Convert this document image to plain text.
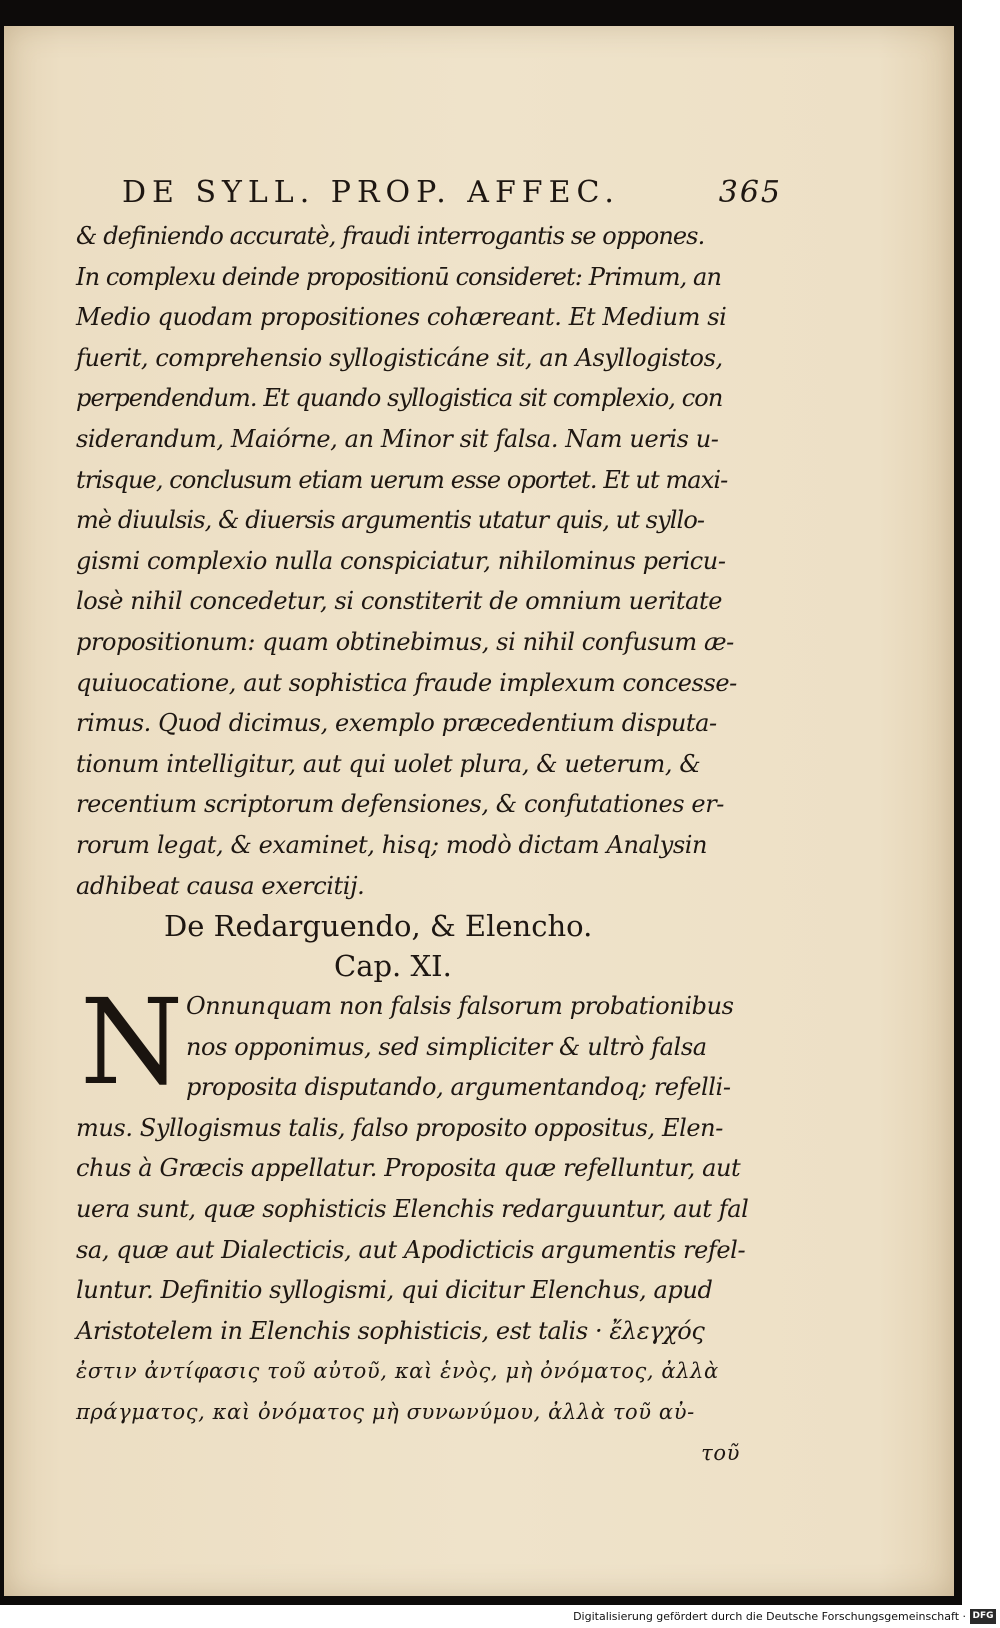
DE SYLL. PROP. AFFEC.	365
& definiendo accuratè, fraudi interrogantis se oppones.
In complexu deinde propositionū consideret: Primum, an
Medio quodam propositiones cohæreant. Et Medium si
fuerit, comprehensio syllogisticáne sit, an Asyllogistos,
perpendendum. Et quando syllogistica sit complexio, con
siderandum, Maiórne, an Minor sit falsa. Nam ueris u-
trisque, conclusum etiam uerum esse oportet. Et ut maxi-
mè diuulsis, & diuersis argumentis utatur quis, ut syllo-
gismi complexio nulla conspiciatur, nihilominus pericu-
losè nihil concedetur, si constiterit de omnium ueritate
propositionum: quam obtinebimus, si nihil confusum æ-
quiuocatione, aut sophistica fraude implexum concesse-
rimus. Quod dicimus, exemplo præcedentium disputa-
tionum intelligitur, aut qui uolet plura, & ueterum, &
recentium scriptorum defensiones, & confutationes er-
rorum legat, & examinet, hisq; modò dictam Analysin
adhibeat causa exercitij.
De Redarguendo, & Elencho.
Cap. XI.
N Onnunquam non falsis falsorum probationibus
nos opponimus, sed simpliciter & ultrò falsa
proposita disputando, argumentandoq; refelli-
mus. Syllogismus talis, falso proposito oppositus, Elen-
chus à Græcis appellatur. Proposita quæ refelluntur, aut
uera sunt, quæ sophisticis Elenchis redarguuntur, aut fal
sa, quæ aut Dialecticis, aut Apodicticis argumentis refel-
luntur. Definitio syllogismi, qui dicitur Elenchus, apud
Aristotelem in Elenchis sophisticis, est talis · ἔλεγχός
ἐστιν ἀντίφασις τοῦ αὐτοῦ, καὶ ἑνὸς, μὴ ὀνόματος, ἀλλὰ
πράγματος, καὶ ὀνόματος μὴ συνωνύμου, ἀλλὰ τοῦ αὐ-
τοῦ
Digitalisierung gefördert durch die Deutsche Forschungsgemeinschaft · DFG
